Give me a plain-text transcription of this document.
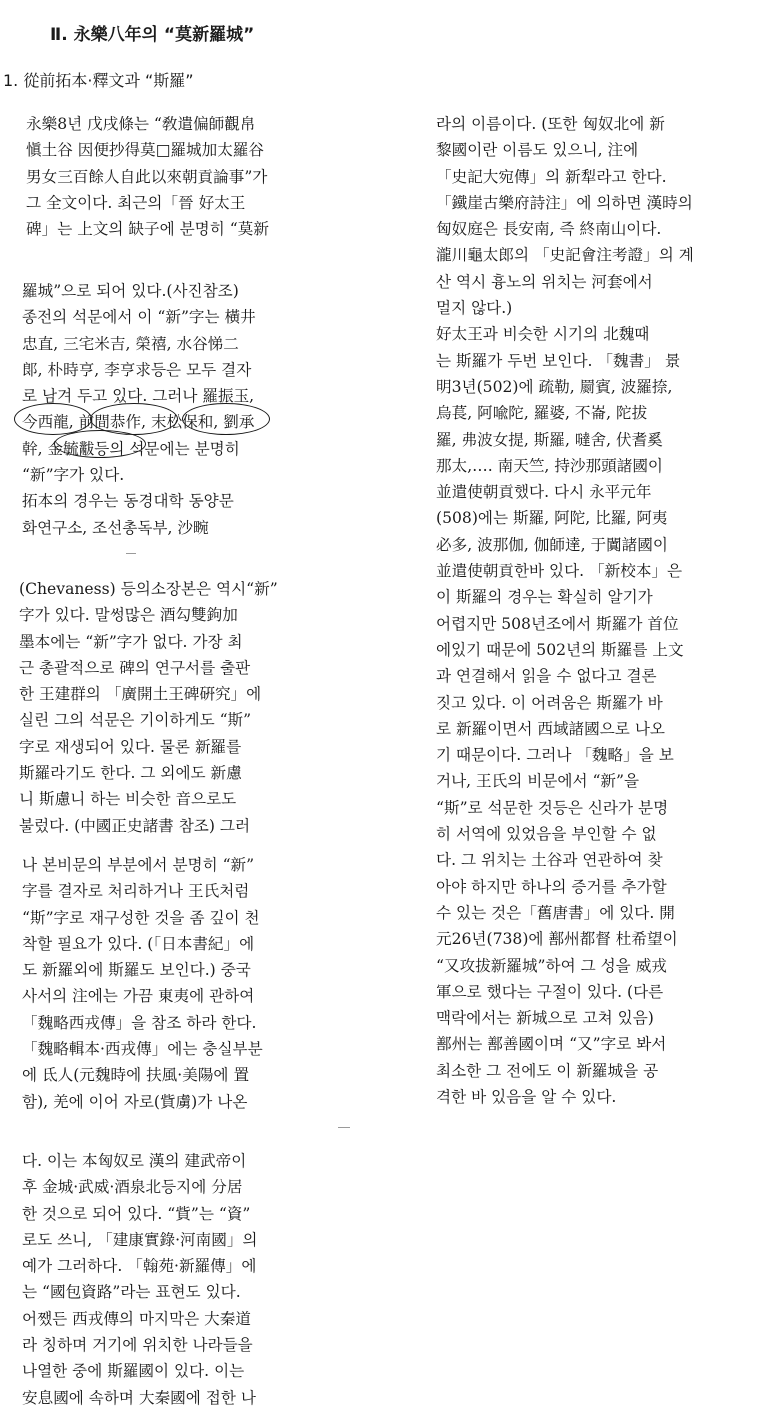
Ⅱ. 永樂八年의 “莫新羅城”
1. 從前拓本·釋文과 “斯羅”
永樂8년 戊戌條는 “敎遣偏師觀帛
愼土谷 因便抄得莫□羅城加太羅谷
男女三百餘人自此以來朝貢論事”가
그 全文이다. 최근의「晉 好太王
碑」는 上文의 缺子에 분명히 “莫新
羅城”으로 되어 있다.(사진참조)
종전의 석문에서 이 “新”字는 橫井
忠直, 三宅米吉, 榮禧, 水谷悌二
郞, 朴時亨, 李亨求등은 모두 결자
로 남겨 두고 있다. 그러나 羅振玉,
今西龍, 前間恭作, 末松保和, 劉承
幹, 金毓黻등의 석문에는 분명히
“新”字가 있다.
拓本의 경우는 동경대학 동양문
화연구소, 조선총독부, 沙畹
(Chevaness) 등의소장본은 역시“新”
字가 있다. 말썽많은 酒勾雙鉤加
墨本에는 “新”字가 없다. 가장 최
근 총괄적으로 碑의 연구서를 출판
한 王建群의 「廣開土王碑硏究」에
실린 그의 석문은 기이하게도 “斯”
字로 재생되어 있다. 물론 新羅를
斯羅라기도 한다. 그 외에도 新慮
니 斯慮니 하는 비슷한 音으로도
불렀다. (中國正史諸書 참조) 그러
나 본비문의 부분에서 분명히 “新”
字를 결자로 처리하거나 王氏처럼
“斯”字로 재구성한 것을 좀 깊이 천
착할 필요가 있다. (「日本書紀」에
도 新羅외에 斯羅도 보인다.) 중국
사서의 注에는 가끔 東夷에 관하여
「魏略西戎傳」을 참조 하라 한다.
「魏略輯本·西戎傳」에는 충실부분
에 氐人(元魏時에 扶風·美陽에 置
함), 羌에 이어 자로(貲虜)가 나온
다. 이는 本匈奴로 漢의 建武帝이
후 金城·武威·酒泉北등지에 分居
한 것으로 되어 있다. “貲”는 “資”
로도 쓰니, 「建康實錄·河南國」의
예가 그러하다. 「翰苑·新羅傳」에
는 “國包資路”라는 표현도 있다.
어쨌든 西戎傳의 마지막은 大秦道
라 칭하며 거기에 위치한 나라들을
나열한 중에 斯羅國이 있다. 이는
安息國에 속하며 大秦國에 접한 나
라의 이름이다. (또한 匈奴北에 新
黎國이란 이름도 있으니, 注에
「史記大宛傳」의 新犁라고 한다.
「鐵崖古樂府詩注」에 의하면 漢時의
匈奴庭은 長安南, 즉 終南山이다.
瀧川龜太郎의 「史記會注考證」의 계
산 역시 흉노의 위치는 河套에서
멀지 않다.)
好太王과 비슷한 시기의 北魏때
는 斯羅가 두번 보인다. 「魏書」 景
明3년(502)에 疏勒, 罽賓, 波羅捺,
烏萇, 阿喩陀, 羅婆, 不崙, 陀拔
羅, 弗波女提, 斯羅, 噠舍, 伏耆奚
那太,…. 南天竺, 持沙那頭諸國이
並遣使朝貢했다. 다시 永平元年
(508)에는 斯羅, 阿陀, 比羅, 阿夷
必多, 波那伽, 伽師達, 于闐諸國이
並遣使朝貢한바 있다. 「新校本」은
이 斯羅의 경우는 확실히 알기가
어렵지만 508년조에서 斯羅가 首位
에있기 때문에 502년의 斯羅를 上文
과 연결해서 읽을 수 없다고 결론
짓고 있다. 이 어려움은 斯羅가 바
로 新羅이면서 西域諸國으로 나오
기 때문이다. 그러나 「魏略」을 보
거나, 王氏의 비문에서 “新”을
“斯”로 석문한 것등은 신라가 분명
히 서역에 있었음을 부인할 수 없
다. 그 위치는 土谷과 연관하여 찾
아야 하지만 하나의 증거를 추가할
수 있는 것은「舊唐書」에 있다. 開
元26년(738)에 鄯州都督 杜希望이
“又攻拔新羅城”하여 그 성을 威戎
軍으로 했다는 구절이 있다. (다른
맥락에서는 新城으로 고쳐 있음)
鄯州는 鄯善國이며 “又”字로 봐서
최소한 그 전에도 이 新羅城을 공
격한 바 있음을 알 수 있다.
